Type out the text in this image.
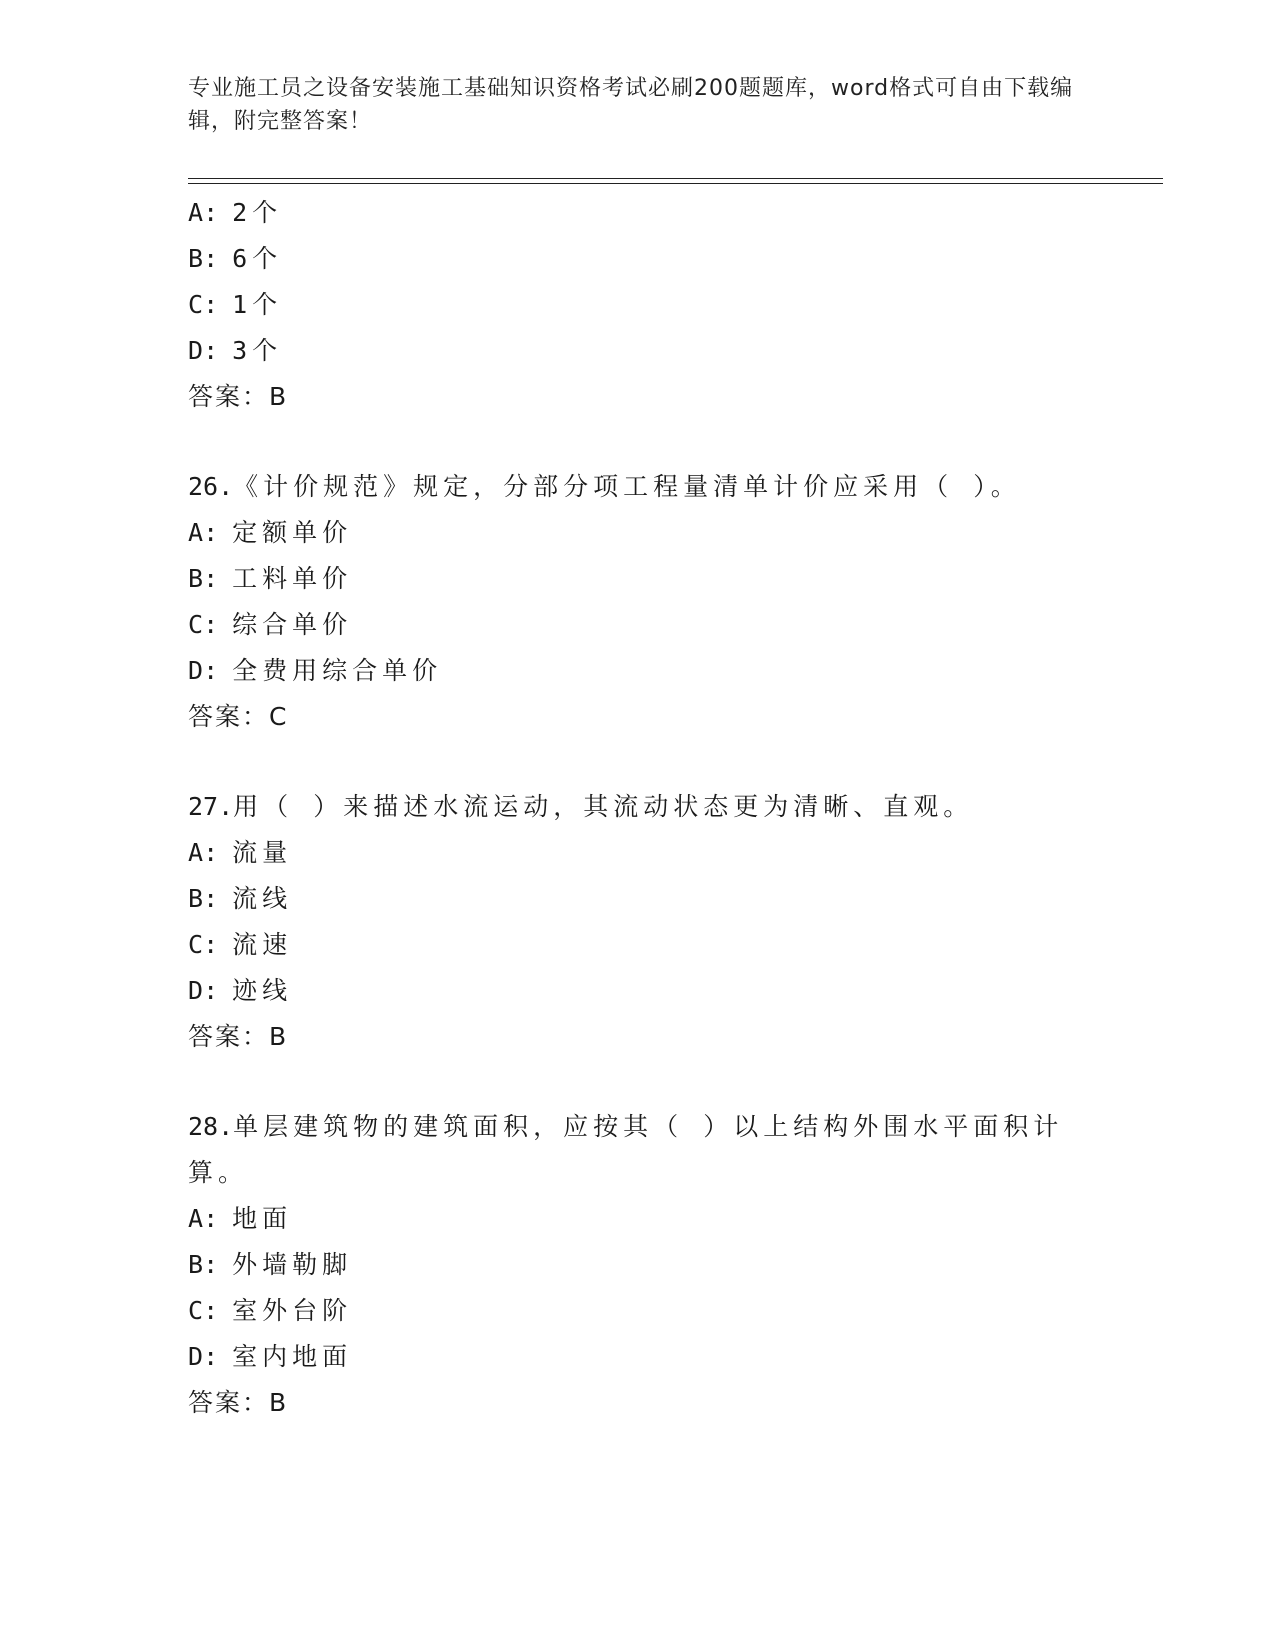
专业施工员之设备安装施工基础知识资格考试必刷200题题库，word格式可自由下载编辑，附完整答案！
A: 2个
B: 6个
C: 1个
D: 3个
答案：B
26.《计价规范》规定，分部分项工程量清单计价应采用（ ）。
A: 定额单价
B: 工料单价
C: 综合单价
D: 全费用综合单价
答案：C
27.用（ ）来描述水流运动，其流动状态更为清晰、直观。
A: 流量
B: 流线
C: 流速
D: 迹线
答案：B
28.单层建筑物的建筑面积，应按其（ ）以上结构外围水平面积计算。
A: 地面
B: 外墙勒脚
C: 室外台阶
D: 室内地面
答案：B
